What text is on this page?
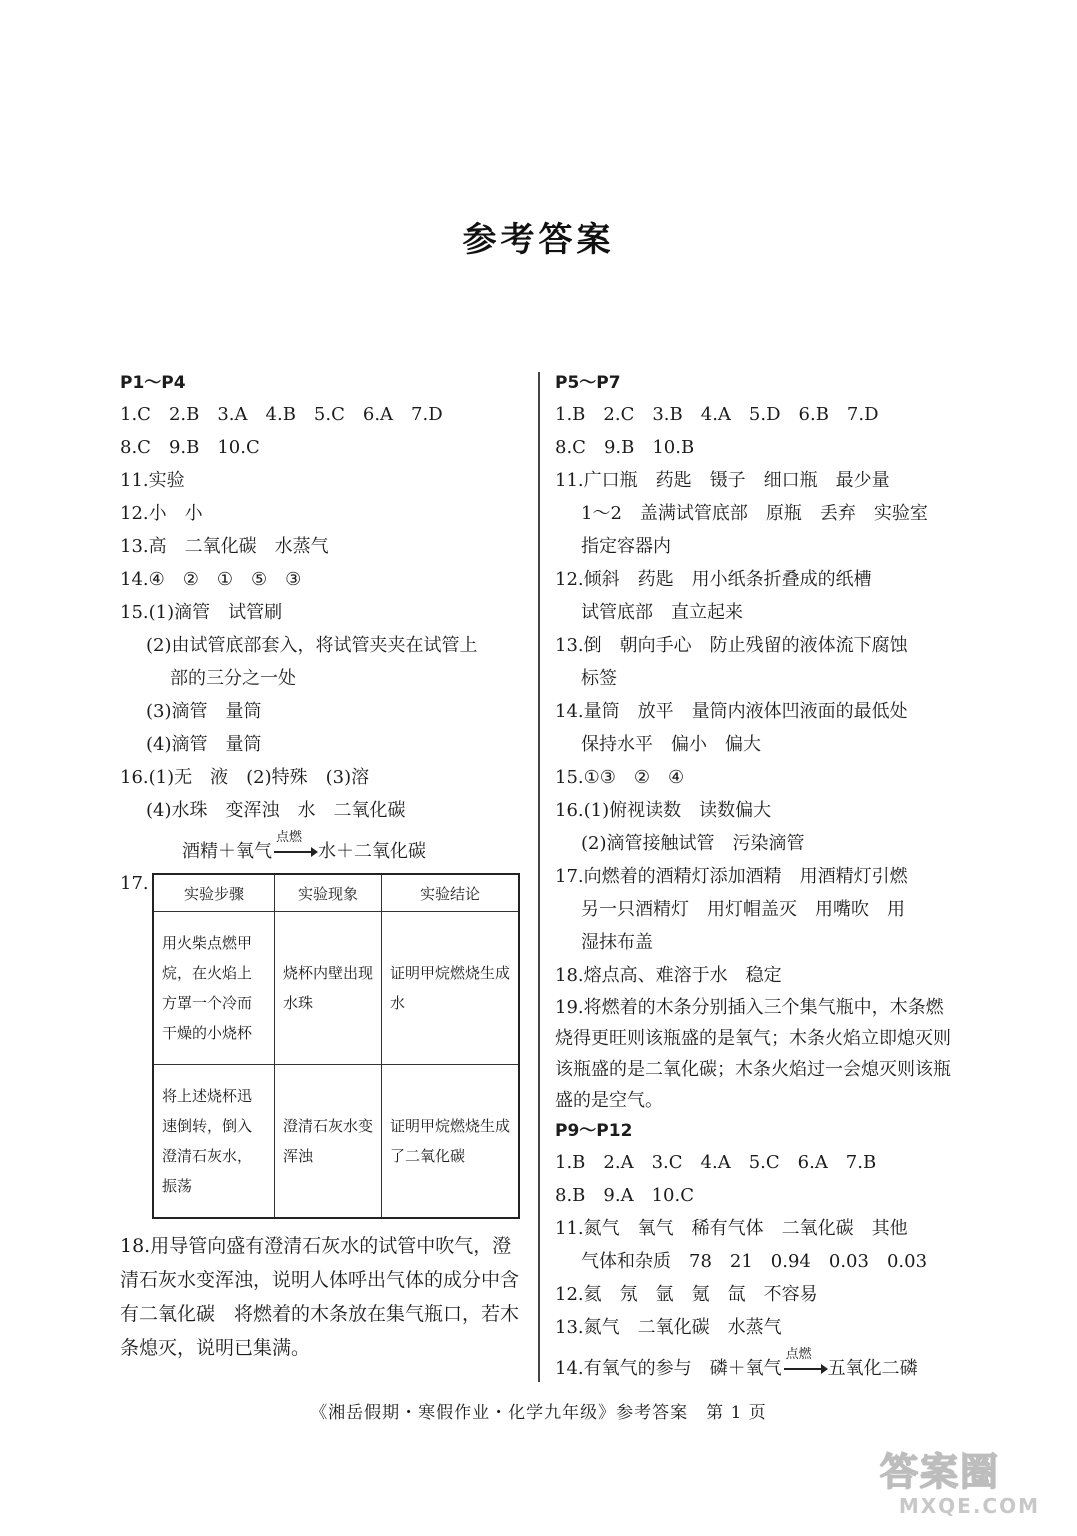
参考答案
P1～P4
1.C　2.B　3.A　4.B　5.C　6.A　7.D
8.C　9.B　10.C
11.实验
12.小　小
13.高　二氧化碳　水蒸气
14.④　②　①　⑤　③
15.(1)滴管　试管刷
(2)由试管底部套入，将试管夹夹在试管上
部的三分之一处
(3)滴管　量筒
(4)滴管　量筒
16.(1)无　液　(2)特殊　(3)溶
(4)水珠　变浑浊　水　二氧化碳
酒精＋氧气
点燃
水＋二氧化碳
17. 实验步骤	实验现象	实验结论
用火柴点燃甲烷，在火焰上方罩一个冷而干燥的小烧杯	烧杯内壁出现水珠	证明甲烷燃烧生成水
将上述烧杯迅速倒转，倒入澄清石灰水，振荡	澄清石灰水变浑浊	证明甲烷燃烧生成了二氧化碳
18.用导管向盛有澄清石灰水的试管中吹气，澄清石灰水变浑浊，说明人体呼出气体的成分中含有二氧化碳　将燃着的木条放在集气瓶口，若木条熄灭，说明已集满。
P5～P7
1.B　2.C　3.B　4.A　5.D　6.B　7.D
8.C　9.B　10.B
11.广口瓶　药匙　镊子　细口瓶　最少量
1～2　盖满试管底部　原瓶　丢弃　实验室
指定容器内
12.倾斜　药匙　用小纸条折叠成的纸槽
试管底部　直立起来
13.倒　朝向手心　防止残留的液体流下腐蚀
标签
14.量筒　放平　量筒内液体凹液面的最低处
保持水平　偏小　偏大
15.①③　②　④
16.(1)俯视读数　读数偏大
(2)滴管接触试管　污染滴管
17.向燃着的酒精灯添加酒精　用酒精灯引燃
另一只酒精灯　用灯帽盖灭　用嘴吹　用
湿抹布盖
18.熔点高、难溶于水　稳定
19.将燃着的木条分别插入三个集气瓶中，木条燃烧得更旺则该瓶盛的是氧气；木条火焰立即熄灭则该瓶盛的是二氧化碳；木条火焰过一会熄灭则该瓶盛的是空气。
P9～P12
1.B　2.A　3.C　4.A　5.C　6.A　7.B
8.B　9.A　10.C
11.氮气　氧气　稀有气体　二氧化碳　其他
气体和杂质　78　21　0.94　0.03　0.03
12.氦　氖　氩　氪　氙　不容易
13.氮气　二氧化碳　水蒸气
14.有氧气的参与　磷＋氧气
点燃
五氧化二磷
《湘岳假期・寒假作业・化学九年级》参考答案　第 1 页
答案圈
MXQE.COM
